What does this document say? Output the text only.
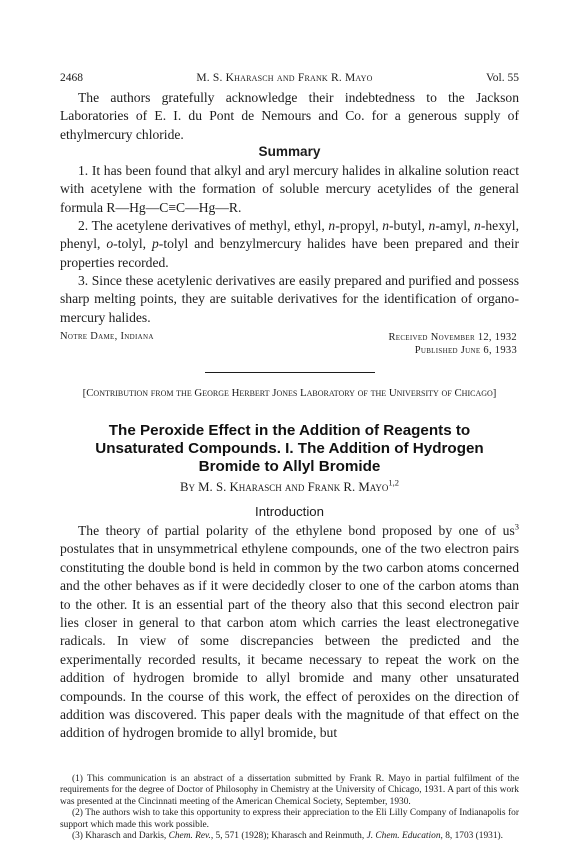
2468	M. S. Kharasch and Frank R. Mayo	Vol. 55

The authors gratefully acknowledge their indebtedness to the Jackson Laboratories of E. I. du Pont de Nemours and Co. for a generous supply of ethylmercury chloride.

Summary

1. It has been found that alkyl and aryl mercury halides in alkaline solution react with acetylene with the formation of soluble mercury acetylides of the general formula R—Hg—C≡C—Hg—R.

2. The acetylene derivatives of methyl, ethyl, n-propyl, n-butyl, n-amyl, n-hexyl, phenyl, o-tolyl, p-tolyl and benzylmercury halides have been prepared and their properties recorded.

3. Since these acetylenic derivatives are easily prepared and purified and possess sharp melting points, they are suitable derivatives for the identification of organo-mercury halides.

Notre Dame, Indiana	Received November 12, 1932
Published June 6, 1933
[Contribution from the George Herbert Jones Laboratory of the University of Chicago]
The Peroxide Effect in the Addition of Reagents to
Unsaturated Compounds. I. The Addition of Hydrogen
Bromide to Allyl Bromide
By M. S. Kharasch and Frank R. Mayo$^{1,2}$
Introduction

The theory of partial polarity of the ethylene bond proposed by one of $us^3$ postulates that in unsymmetrical ethylene compounds, one of the two electron pairs constituting the double bond is held in common by the two carbon atoms concerned and the other behaves as if it were decidedly closer to one of the carbon atoms than to the other. It is an essential part of the theory also that this second electron pair lies closer in general to that carbon atom which carries the least electronegative radicals. In view of some discrepancies between the predicted and the experimentally recorded results, it became necessary to repeat the work on the addition of hydrogen bromide to allyl bromide and many other unsaturated compounds. In the course of this work, the effect of peroxides on the direction of addition was discovered. This paper deals with the magnitude of that effect on the addition of hydrogen bromide to allyl bromide, but

(1) This communication is an abstract of a dissertation submitted by Frank R. Mayo in partial fulfilment of the requirements for the degree of Doctor of Philosophy in Chemistry at the University of Chicago, 1931. A part of this work was presented at the Cincinnati meeting of the American Chemical Society, September, 1930.

(2) The authors wish to take this opportunity to express their appreciation to the Eli Lilly Company of Indianapolis for support which made this work possible.

(3) Kharasch and Darkis, Chem. Rev., 5, 571 (1928); Kharasch and Reinmuth, J. Chem. Education, 8, 1703 (1931).
